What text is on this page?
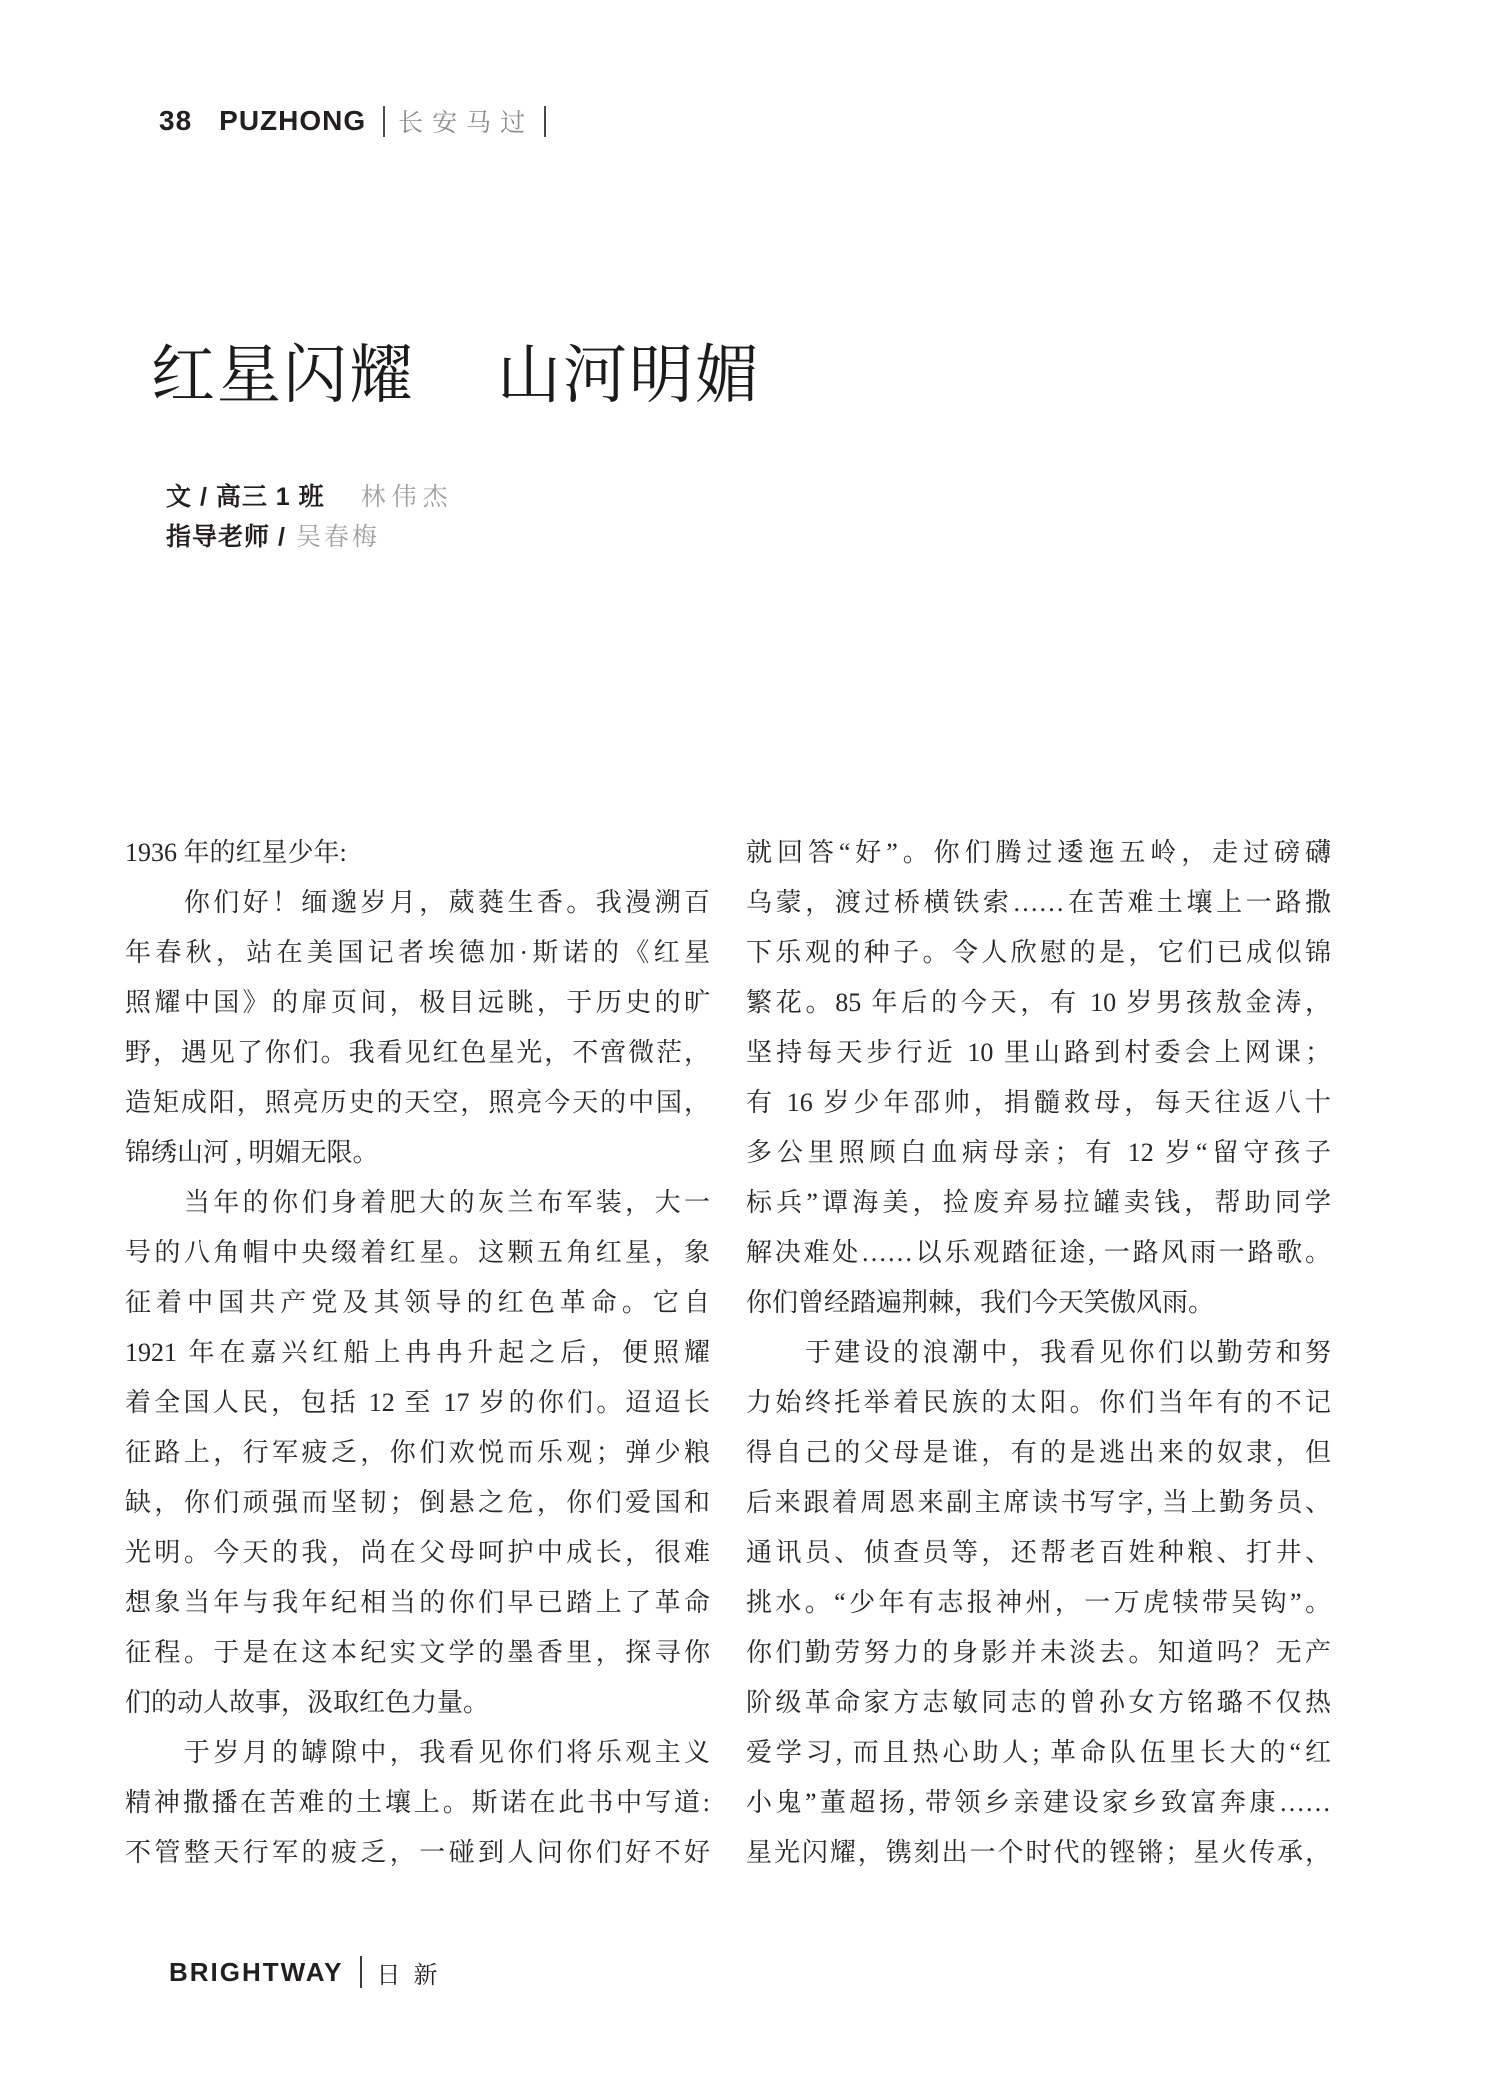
38 PUZHONG 长安马过
红星闪耀 山河明媚
文 / 高三 1 班 林伟杰
指导老师 / 吴春梅
1936 年的红星少年:
　　你们好！缅邈岁月，葳蕤生香。我漫溯百
年春秋，站在美国记者埃德加·斯诺的《红星
照耀中国》的扉页间，极目远眺，于历史的旷
野，遇见了你们。我看见红色星光，不啻微茫，
造矩成阳，照亮历史的天空，照亮今天的中国，
锦绣山河 , 明媚无限。
　　当年的你们身着肥大的灰兰布军装，大一
号的八角帽中央缀着红星。这颗五角红星，象
征着中国共产党及其领导的红色革命。它自
1921 年在嘉兴红船上冉冉升起之后，便照耀
着全国人民，包括 12 至 17 岁的你们。迢迢长
征路上，行军疲乏，你们欢悦而乐观；弹少粮
缺，你们顽强而坚韧；倒悬之危，你们爱国和
光明。今天的我，尚在父母呵护中成长，很难
想象当年与我年纪相当的你们早已踏上了革命
征程。于是在这本纪实文学的墨香里，探寻你
们的动人故事，汲取红色力量。
　　于岁月的罅隙中，我看见你们将乐观主义
精神撒播在苦难的土壤上。斯诺在此书中写道:
不管整天行军的疲乏，一碰到人问你们好不好
就回答“好”。你们腾过逶迤五岭，走过磅礴
乌蒙，渡过桥横铁索……在苦难土壤上一路撒
下乐观的种子。令人欣慰的是，它们已成似锦
繁花。85 年后的今天，有 10 岁男孩敖金涛，
坚持每天步行近 10 里山路到村委会上网课；
有 16 岁少年邵帅，捐髓救母，每天往返八十
多公里照顾白血病母亲；有 12 岁“留守孩子
标兵”谭海美，捡废弃易拉罐卖钱，帮助同学
解决难处……以乐观踏征途, 一路风雨一路歌。
你们曾经踏遍荆棘，我们今天笑傲风雨。
　　于建设的浪潮中，我看见你们以勤劳和努
力始终托举着民族的太阳。你们当年有的不记
得自己的父母是谁，有的是逃出来的奴隶，但
后来跟着周恩来副主席读书写字, 当上勤务员、
通讯员、侦查员等，还帮老百姓种粮、打井、
挑水。“少年有志报神州，一万虎犊带吴钩”。
你们勤劳努力的身影并未淡去。知道吗？无产
阶级革命家方志敏同志的曾孙女方铭璐不仅热
爱学习, 而且热心助人; 革命队伍里长大的“红
小鬼”董超扬, 带领乡亲建设家乡致富奔康……
星光闪耀，镌刻出一个时代的铿锵；星火传承，
BRIGHTWAY 日新
